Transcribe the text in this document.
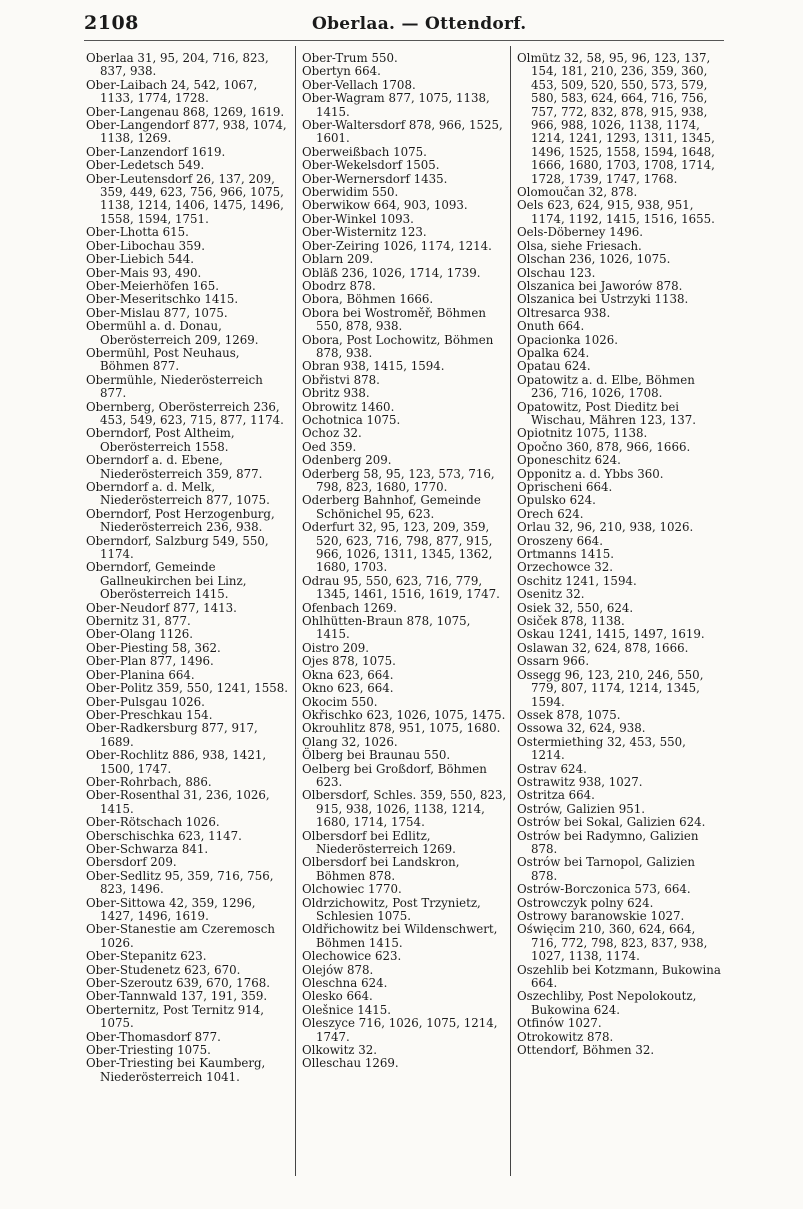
2108	Oberlaa. — Ottendorf.

Oberlaa 31, 95, 204, 716, 823, 837, 938.

Ober-Laibach 24, 542, 1067, 1133, 1774, 1728.

Ober-Langenau 868, 1269, 1619.

Ober-Langendorf 877, 938, 1074, 1138, 1269.

Ober-Lanzendorf 1619.

Ober-Ledetsch 549.

Ober-Leutensdorf 26, 137, 209, 359, 449, 623, 756, 966, 1075, 1138, 1214, 1406, 1475, 1496, 1558, 1594, 1751.

Ober-Lhotta 615.

Ober-Libochau 359.

Ober-Liebich 544.

Ober-Mais 93, 490.

Ober-Meierhöfen 165.

Ober-Meseritschko 1415.

Ober-Mislau 877, 1075.

Obermühl a. d. Donau, Oberösterreich 209, 1269.

Obermühl, Post Neuhaus, Böhmen 877.

Obermühle, Niederösterreich 877.

Obernberg, Oberösterreich 236, 453, 549, 623, 715, 877, 1174.

Oberndorf, Post Altheim, Oberösterreich 1558.

Oberndorf a. d. Ebene, Niederösterreich 359, 877.

Oberndorf a. d. Melk, Niederösterreich 877, 1075.

Oberndorf, Post Herzogenburg, Niederösterreich 236, 938.

Oberndorf, Salzburg 549, 550, 1174.

Oberndorf, Gemeinde Gallneukirchen bei Linz, Oberösterreich 1415.

Ober-Neudorf 877, 1413.

Obernitz 31, 877.

Ober-Olang 1126.

Ober-Piesting 58, 362.

Ober-Plan 877, 1496.

Ober-Planina 664.

Ober-Politz 359, 550, 1241, 1558.

Ober-Pulsgau 1026.

Ober-Preschkau 154.

Ober-Radkersburg 877, 917, 1689.

Ober-Rochlitz 886, 938, 1421, 1500, 1747.

Ober-Rohrbach, 886.

Ober-Rosenthal 31, 236, 1026, 1415.

Ober-Rötschach 1026.

Oberschischka 623, 1147.

Ober-Schwarza 841.

Obersdorf 209.

Ober-Sedlitz 95, 359, 716, 756, 823, 1496.

Ober-Sittowa 42, 359, 1296, 1427, 1496, 1619.

Ober-Stanestie am Czeremosch 1026.

Ober-Stepanitz 623.

Ober-Studenetz 623, 670.

Ober-Szeroutz 639, 670, 1768.

Ober-Tannwald 137, 191, 359.

Oberternitz, Post Ternitz 914, 1075.

Ober-Thomasdorf 877.

Ober-Triesting 1075.

Ober-Triesting bei Kaumberg, Niederösterreich 1041.

Ober-Trum 550.

Obertyn 664.

Ober-Vellach 1708.

Ober-Wagram 877, 1075, 1138, 1415.

Ober-Waltersdorf 878, 966, 1525, 1601.

Oberweißbach 1075.

Ober-Wekelsdorf 1505.

Ober-Wernersdorf 1435.

Oberwidim 550.

Oberwikow 664, 903, 1093.

Ober-Winkel 1093.

Ober-Wisternitz 123.

Ober-Zeiring 1026, 1174, 1214.

Oblarn 209.

Obläß 236, 1026, 1714, 1739.

Obodrz 878.

Obora, Böhmen 1666.

Obora bei Wostroměř, Böhmen 550, 878, 938.

Obora, Post Lochowitz, Böhmen 878, 938.

Obran 938, 1415, 1594.

Obřistvi 878.

Obritz 938.

Obrowitz 1460.

Ochotnica 1075.

Ochoz 32.

Oed 359.

Odenberg 209.

Oderberg 58, 95, 123, 573, 716, 798, 823, 1680, 1770.

Oderberg Bahnhof, Gemeinde Schönichel 95, 623.

Oderfurt 32, 95, 123, 209, 359, 520, 623, 716, 798, 877, 915, 966, 1026, 1311, 1345, 1362, 1680, 1703.

Odrau 95, 550, 623, 716, 779, 1345, 1461, 1516, 1619, 1747.

Ofenbach 1269.

Ohlhütten-Braun 878, 1075, 1415.

Oistro 209.

Ojes 878, 1075.

Okna 623, 664.

Okno 623, 664.

Okocim 550.

Okřischko 623, 1026, 1075, 1475.

Okrouhlitz 878, 951, 1075, 1680.

Olang 32, 1026.

Ölberg bei Braunau 550.

Oelberg bei Großdorf, Böhmen 623.

Olbersdorf, Schles. 359, 550, 823, 915, 938, 1026, 1138, 1214, 1680, 1714, 1754.

Olbersdorf bei Edlitz, Niederösterreich 1269.

Olbersdorf bei Landskron, Böhmen 878.

Olchowiec 1770.

Oldrzichowitz, Post Trzynietz, Schlesien 1075.

Oldřichowitz bei Wildenschwert, Böhmen 1415.

Olechowice 623.

Olejów 878.

Oleschna 624.

Olesko 664.

Olešnice 1415.

Oleszyce 716, 1026, 1075, 1214, 1747.

Olkowitz 32.

Olleschau 1269.

Olmütz 32, 58, 95, 96, 123, 137, 154, 181, 210, 236, 359, 360, 453, 509, 520, 550, 573, 579, 580, 583, 624, 664, 716, 756, 757, 772, 832, 878, 915, 938, 966, 988, 1026, 1138, 1174, 1214, 1241, 1293, 1311, 1345, 1496, 1525, 1558, 1594, 1648, 1666, 1680, 1703, 1708, 1714, 1728, 1739, 1747, 1768.

Olomoučan 32, 878.

Oels 623, 624, 915, 938, 951, 1174, 1192, 1415, 1516, 1655.

Oels-Döberney 1496.

Olsa, siehe Friesach.

Olschan 236, 1026, 1075.

Olschau 123.

Olszanica bei Jaworów 878.

Olszanica bei Ustrzyki 1138.

Oltresarca 938.

Onuth 664.

Opacionka 1026.

Opalka 624.

Opatau 624.

Opatowitz a. d. Elbe, Böhmen 236, 716, 1026, 1708.

Opatowitz, Post Dieditz bei Wischau, Mähren 123, 137.

Opiotnitz 1075, 1138.

Opočno 360, 878, 966, 1666.

Oponeschitz 624.

Opponitz a. d. Ybbs 360.

Oprischeni 664.

Opulsko 624.

Orech 624.

Orlau 32, 96, 210, 938, 1026.

Oroszeny 664.

Ortmanns 1415.

Orzechowce 32.

Oschitz 1241, 1594.

Osenitz 32.

Osiek 32, 550, 624.

Osiček 878, 1138.

Oskau 1241, 1415, 1497, 1619.

Oslawan 32, 624, 878, 1666.

Ossarn 966.

Ossegg 96, 123, 210, 246, 550, 779, 807, 1174, 1214, 1345, 1594.

Ossek 878, 1075.

Ossowa 32, 624, 938.

Ostermiething 32, 453, 550, 1214.

Ostrav 624.

Ostrawitz 938, 1027.

Ostritza 664.

Ostrów, Galizien 951.

Ostrów bei Sokal, Galizien 624.

Ostrów bei Radymno, Galizien 878.

Ostrów bei Tarnopol, Galizien 878.

Ostrów-Borczonica 573, 664.

Ostrowczyk polny 624.

Ostrowy baranowskie 1027.

Oświęcim 210, 360, 624, 664, 716, 772, 798, 823, 837, 938, 1027, 1138, 1174.

Oszehlib bei Kotzmann, Bukowina 664.

Oszechliby, Post Nepolokoutz, Bukowina 624.

Otfinów 1027.

Otrokowitz 878.

Ottendorf, Böhmen 32.
